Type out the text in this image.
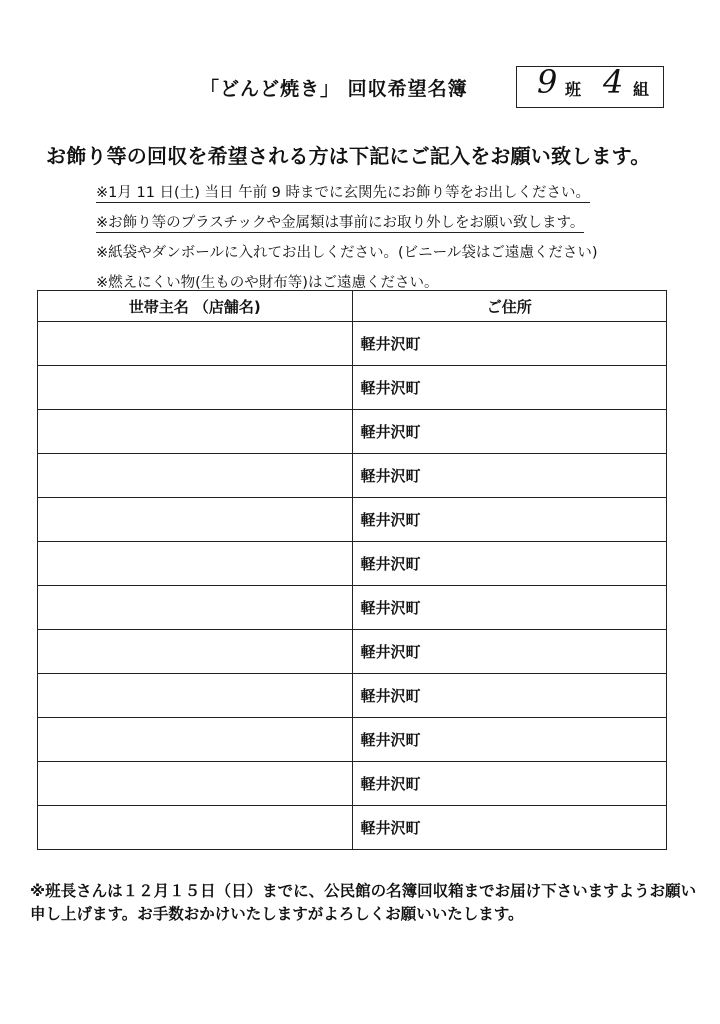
「どんど焼き」 回収希望名簿 9 班 4 組
お飾り等の回収を希望される方は下記にご記入をお願い致します。
※1月 11 日(土) 当日 午前 9 時までに玄関先にお飾り等をお出しください。
※お飾り等のプラスチックや金属類は事前にお取り外しをお願い致します。
※紙袋やダンボールに入れてお出しください。(ビニール袋はご遠慮ください)
※燃えにくい物(生ものや財布等)はご遠慮ください。
世帯主名 （店舗名)	ご住所
	軽井沢町
	軽井沢町
	軽井沢町
	軽井沢町
	軽井沢町
	軽井沢町
	軽井沢町
	軽井沢町
	軽井沢町
	軽井沢町
	軽井沢町
	軽井沢町
※班長さんは１２月１５日（日）までに、公民館の名簿回収箱までお届け下さいますようお願い申し上げます。お手数おかけいたしますがよろしくお願いいたします。
